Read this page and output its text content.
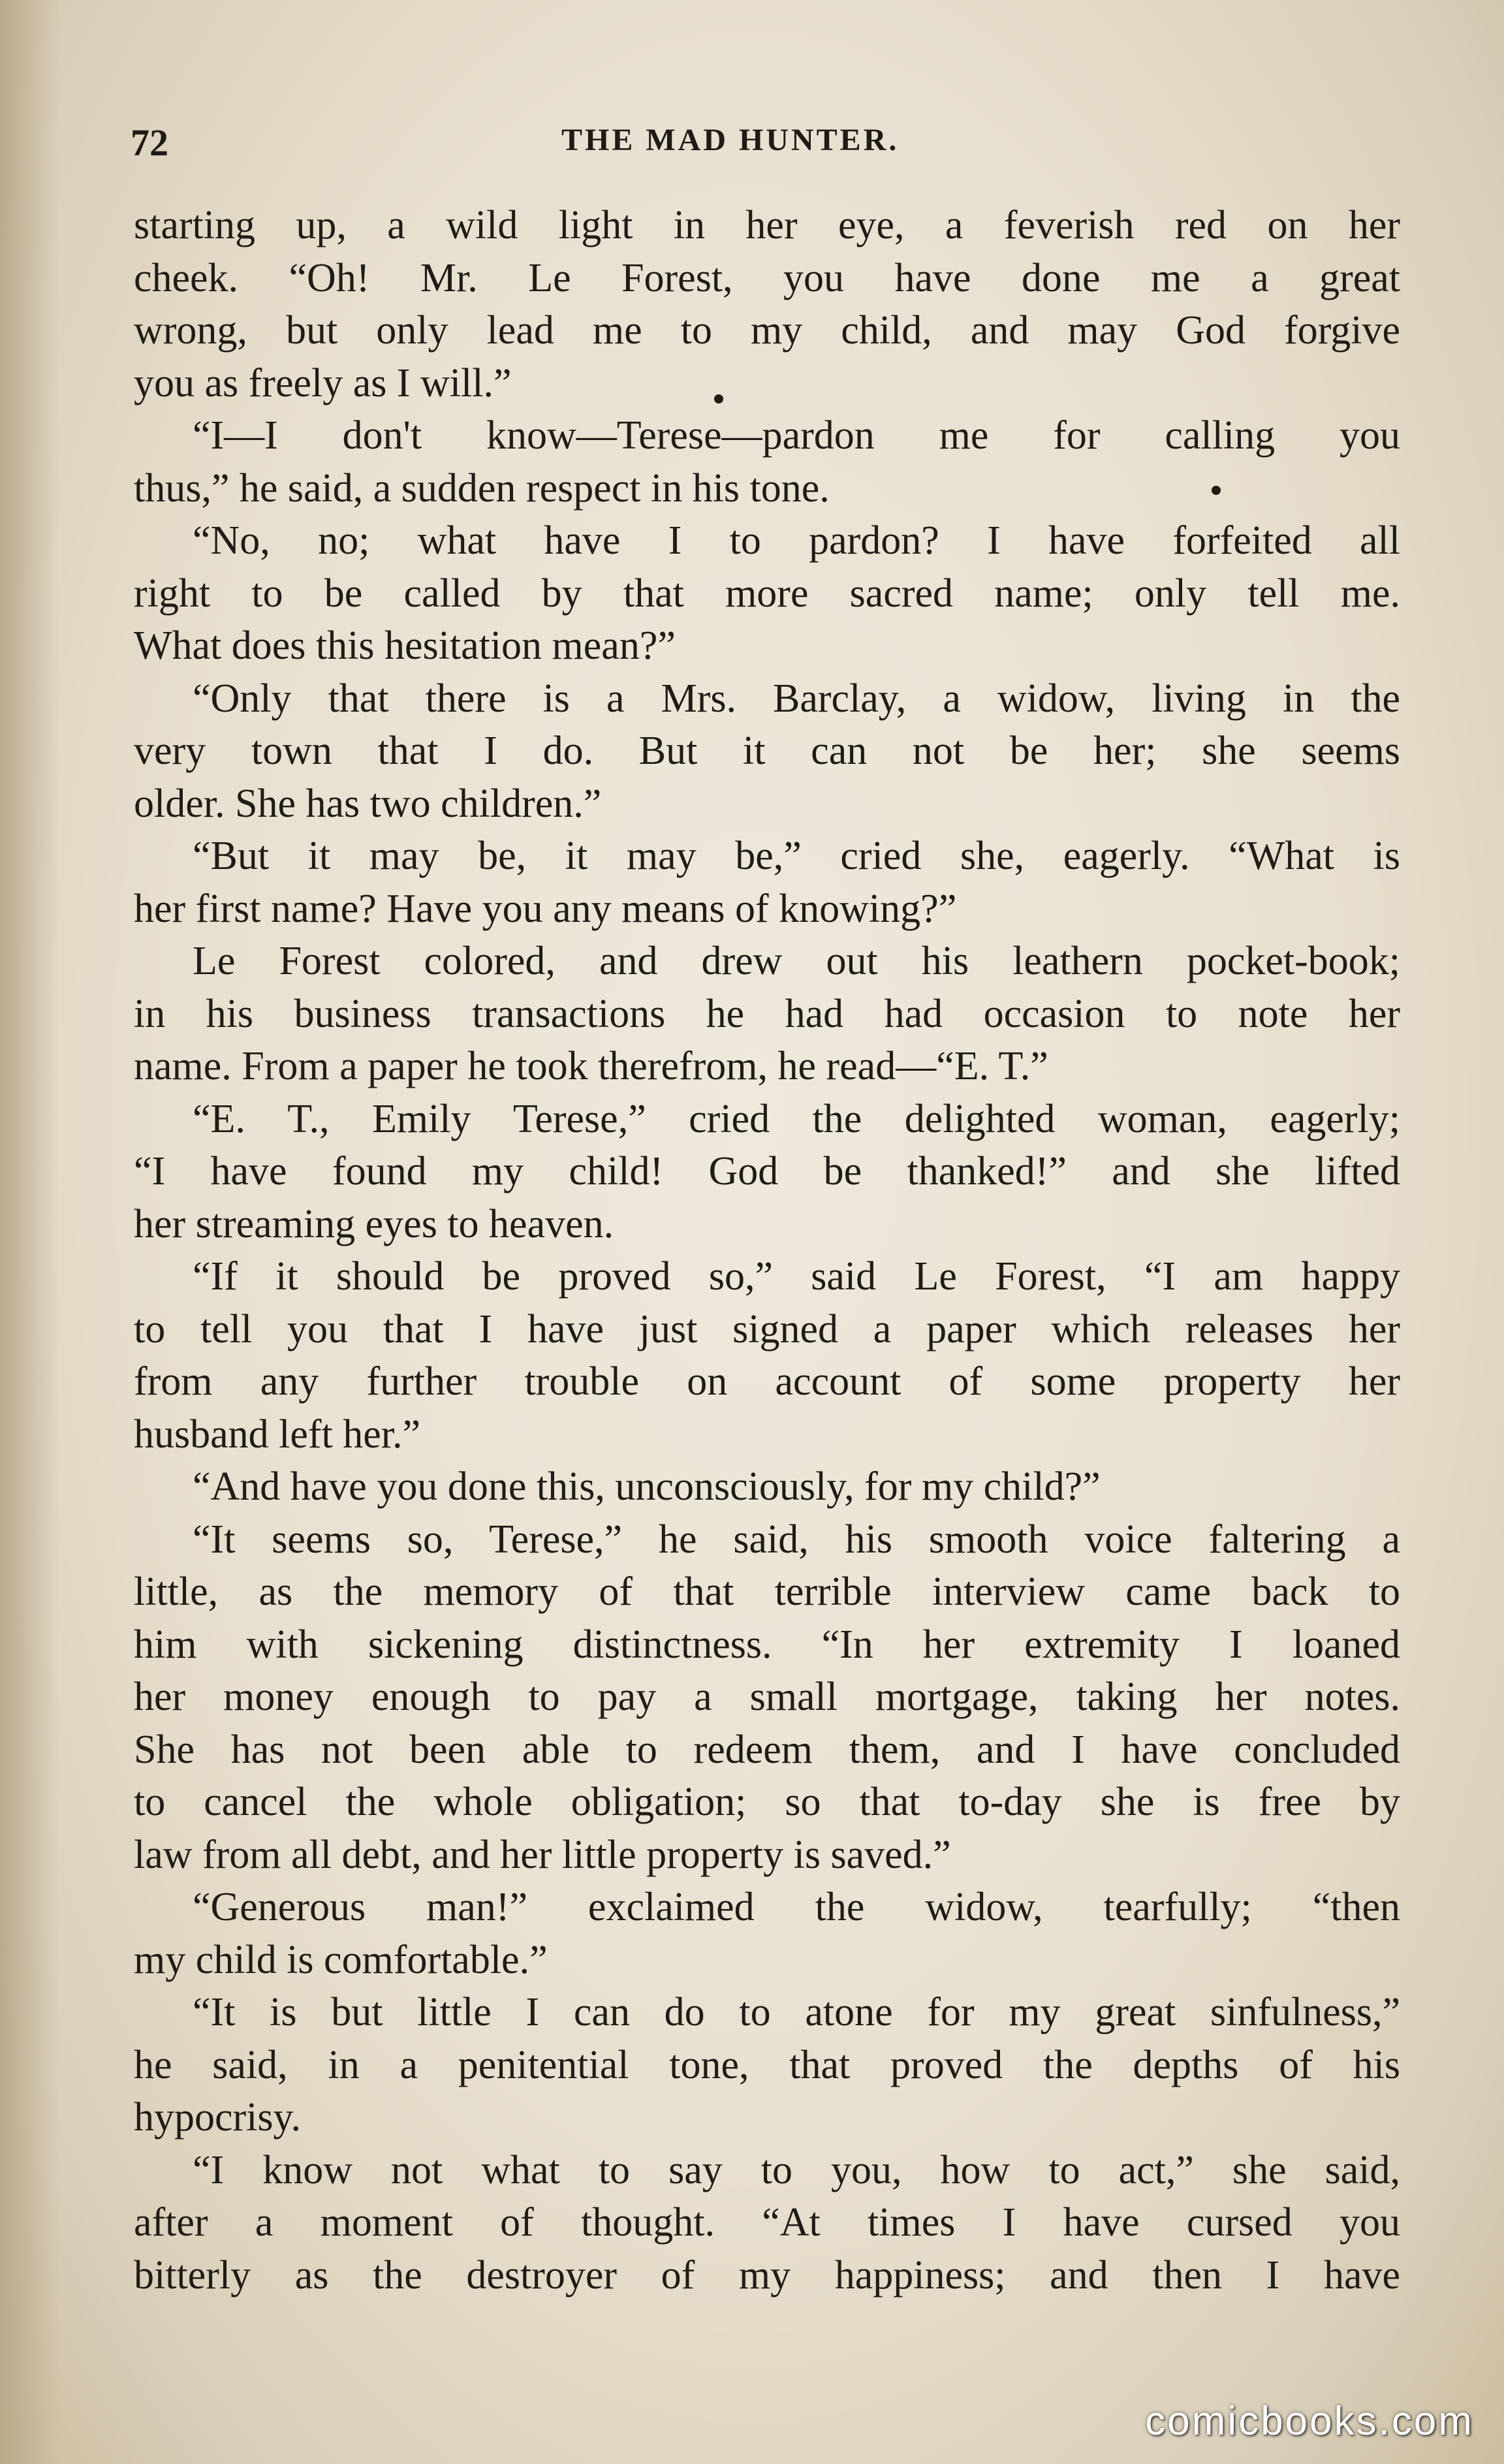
72	THE MAD HUNTER.

starting up, a wild light in her eye, a feverish red on her

cheek. “Oh! Mr. Le Forest, you have done me a great

wrong, but only lead me to my child, and may God forgive

you as freely as I will.”

“I—I don't know—Terese—pardon me for calling you

thus,” he said, a sudden respect in his tone.

“No, no; what have I to pardon? I have forfeited all

right to be called by that more sacred name; only tell me.

What does this hesitation mean?”

“Only that there is a Mrs. Barclay, a widow, living in the

very town that I do. But it can not be her; she seems

older. She has two children.”

“But it may be, it may be,” cried she, eagerly. “What is

her first name? Have you any means of knowing?”

Le Forest colored, and drew out his leathern pocket-book;

in his business transactions he had had occasion to note her

name. From a paper he took therefrom, he read—“E. T.”

“E. T., Emily Terese,” cried the delighted woman, eagerly;

“I have found my child! God be thanked!” and she lifted

her streaming eyes to heaven.

“If it should be proved so,” said Le Forest, “I am happy

to tell you that I have just signed a paper which releases her

from any further trouble on account of some property her

husband left her.”

“And have you done this, unconsciously, for my child?”

“It seems so, Terese,” he said, his smooth voice faltering a

little, as the memory of that terrible interview came back to

him with sickening distinctness. “In her extremity I loaned

her money enough to pay a small mortgage, taking her notes.

She has not been able to redeem them, and I have concluded

to cancel the whole obligation; so that to-day she is free by

law from all debt, and her little property is saved.”

“Generous man!” exclaimed the widow, tearfully; “then

my child is comfortable.”

“It is but little I can do to atone for my great sinfulness,”

he said, in a penitential tone, that proved the depths of his

hypocrisy.

“I know not what to say to you, how to act,” she said,

after a moment of thought. “At times I have cursed you

bitterly as the destroyer of my happiness; and then I have

comicbooks.com
